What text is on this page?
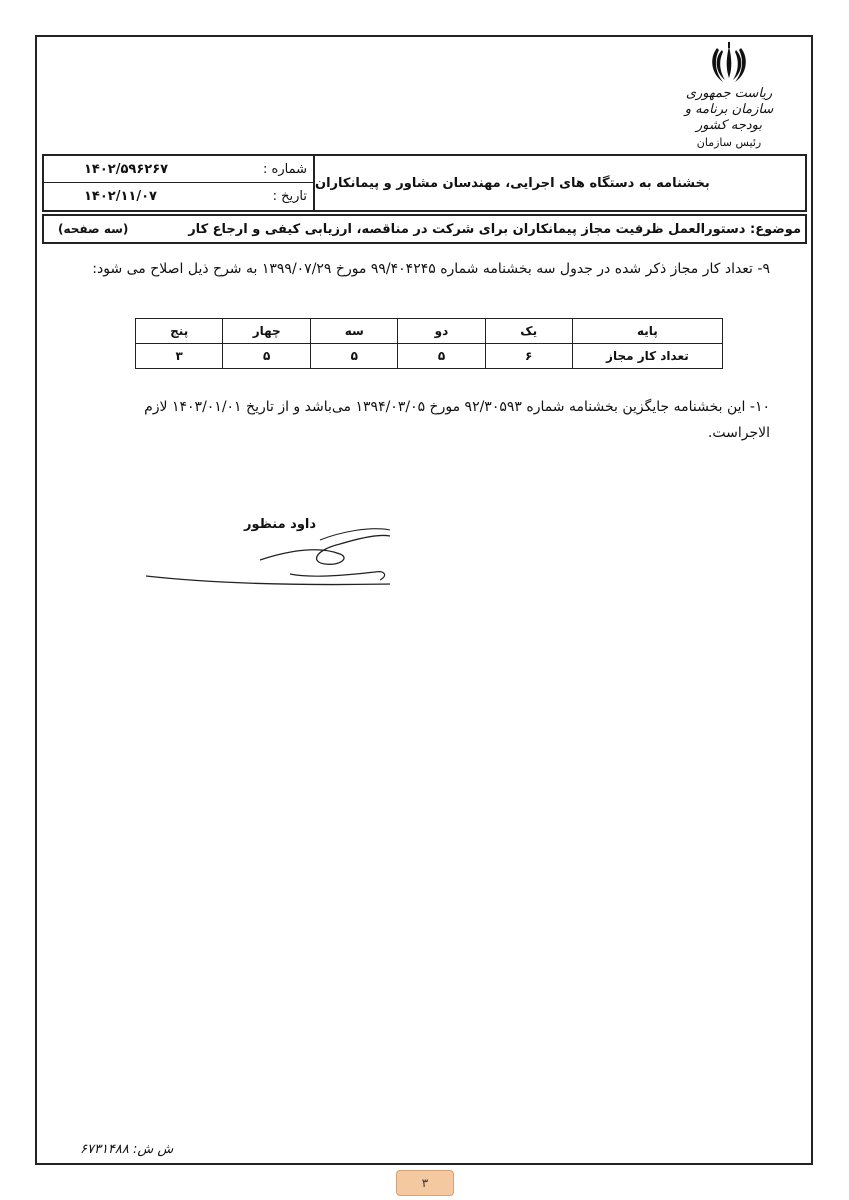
ریاست جمهوری
سازمان برنامه و بودجه کشور
رئیس سازمان
بخشنامه به دستگاه های اجرایی، مهندسان مشاور و پیمانکاران
۱۴۰۲/۵۹۶۲۶۷	شماره :
۱۴۰۲/۱۱/۰۷	تاریخ :
(سه صفحه)	موضوع: دستورالعمل ظرفیت مجاز پیمانکاران برای شرکت در مناقصه، ارزیابی کیفی و ارجاع کار
۹- تعداد کار مجاز ذکر شده در جدول سه بخشنامه شماره ۹۹/۴۰۴۲۴۵ مورخ ۱۳۹۹/۰۷/۲۹ به شرح ذیل اصلاح می شود:
پایه	یک	دو	سه	چهار	پنج
تعداد کار مجاز	۶	۵	۵	۵	۳
۱۰- این بخشنامه جایگزین بخشنامه شماره ۹۲/۳۰۵۹۳ مورخ ۱۳۹۴/۰۳/۰۵ می‌باشد و از تاریخ ۱۴۰۳/۰۱/۰۱ لازم الاجراست.
داود منظور
ش ش: ۶۷۳۱۴۸۸
۳
